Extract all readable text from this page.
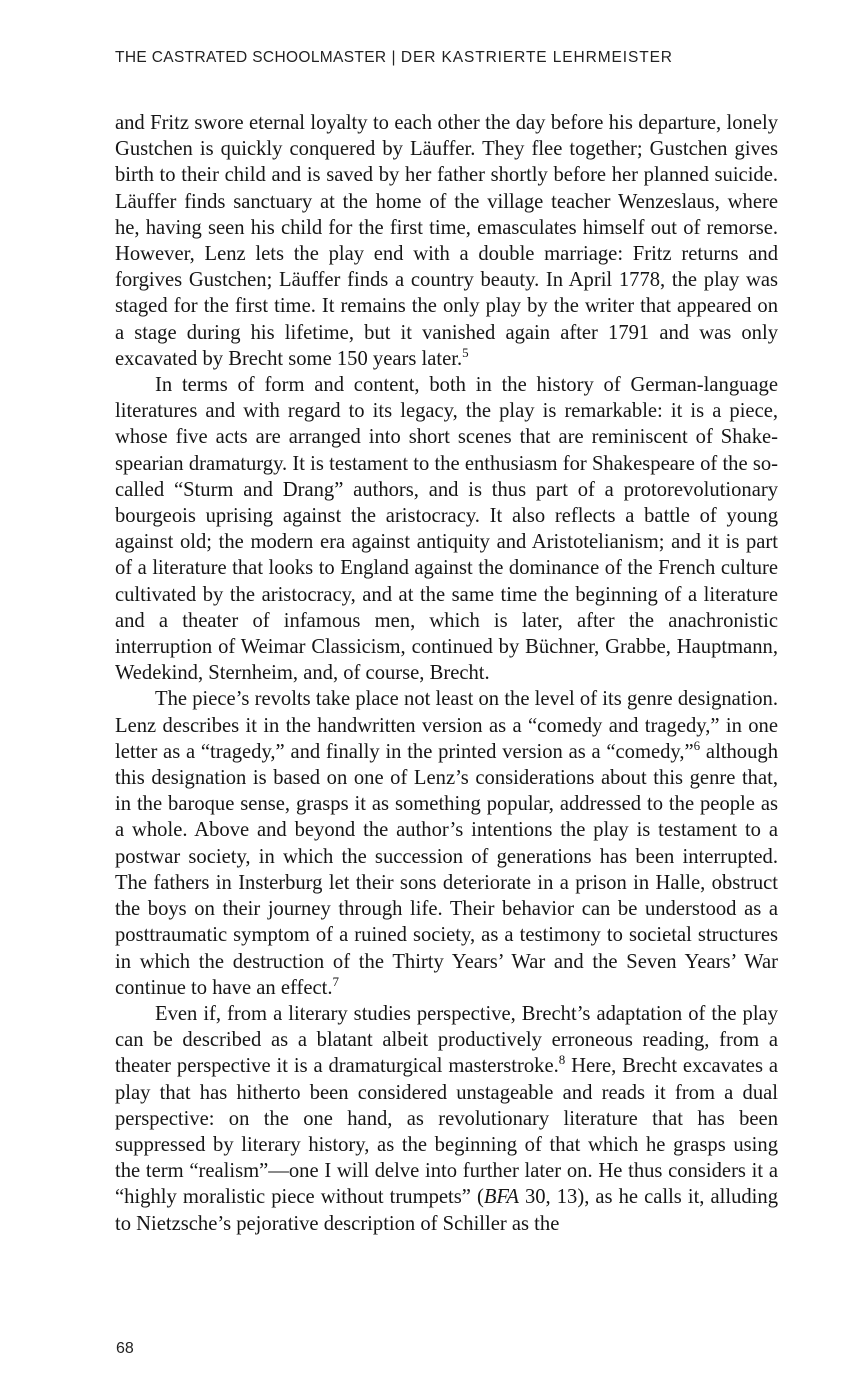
THE CASTRATED SCHOOLMASTER | DER KASTRIERTE LEHRMEISTER

and Fritz swore eternal loyalty to each other the day before his departure, lonely Gustchen is quickly conquered by Läuffer. They flee together; Gustchen gives birth to their child and is saved by her father shortly before her planned suicide. Läuffer finds sanctuary at the home of the village teacher Wenzeslaus, where he, having seen his child for the first time, emasculates himself out of remorse. However, Lenz lets the play end with a double marriage: Fritz returns and forgives Gustchen; Läuffer finds a country beauty. In April 1778, the play was staged for the first time. It remains the only play by the writer that appeared on a stage during his lifetime, but it vanished again after 1791 and was only excavated by Brecht some 150 years later.$^5$

In terms of form and content, both in the history of German-language literatures and with regard to its legacy, the play is remarkable: it is a piece, whose five acts are arranged into short scenes that are reminiscent of Shakespearian dramaturgy. It is testament to the enthusiasm for Shakespeare of the so-called “Sturm and Drang” authors, and is thus part of a protorevolutionary bourgeois uprising against the aristocracy. It also reflects a battle of young against old; the modern era against antiquity and Aristotelianism; and it is part of a literature that looks to England against the dominance of the French culture cultivated by the aristocracy, and at the same time the beginning of a literature and a theater of infamous men, which is later, after the anachronistic interruption of Weimar Classicism, continued by Büchner, Grabbe, Hauptmann, Wedekind, Sternheim, and, of course, Brecht.

The piece’s revolts take place not least on the level of its genre designation. Lenz describes it in the handwritten version as a “comedy and tragedy,” in one letter as a “tragedy,” and finally in the printed version as a “comedy,”$^6$ although this designation is based on one of Lenz’s considerations about this genre that, in the baroque sense, grasps it as something popular, addressed to the people as a whole. Above and beyond the author’s intentions the play is testament to a postwar society, in which the succession of generations has been interrupted. The fathers in Insterburg let their sons deteriorate in a prison in Halle, obstruct the boys on their journey through life. Their behavior can be understood as a posttraumatic symptom of a ruined society, as a testimony to societal structures in which the destruction of the Thirty Years’ War and the Seven Years’ War continue to have an effect.$^7$

Even if, from a literary studies perspective, Brecht’s adaptation of the play can be described as a blatant albeit productively erroneous reading, from a theater perspective it is a dramaturgical masterstroke.$^8$ Here, Brecht excavates a play that has hitherto been considered unstageable and reads it from a dual perspective: on the one hand, as revolutionary literature that has been suppressed by literary history, as the beginning of that which he grasps using the term “realism”—one I will delve into further later on. He thus considers it a “highly moralistic piece without trumpets” (BFA 30, 13), as he calls it, alluding to Nietzsche’s pejorative description of Schiller as the

68
